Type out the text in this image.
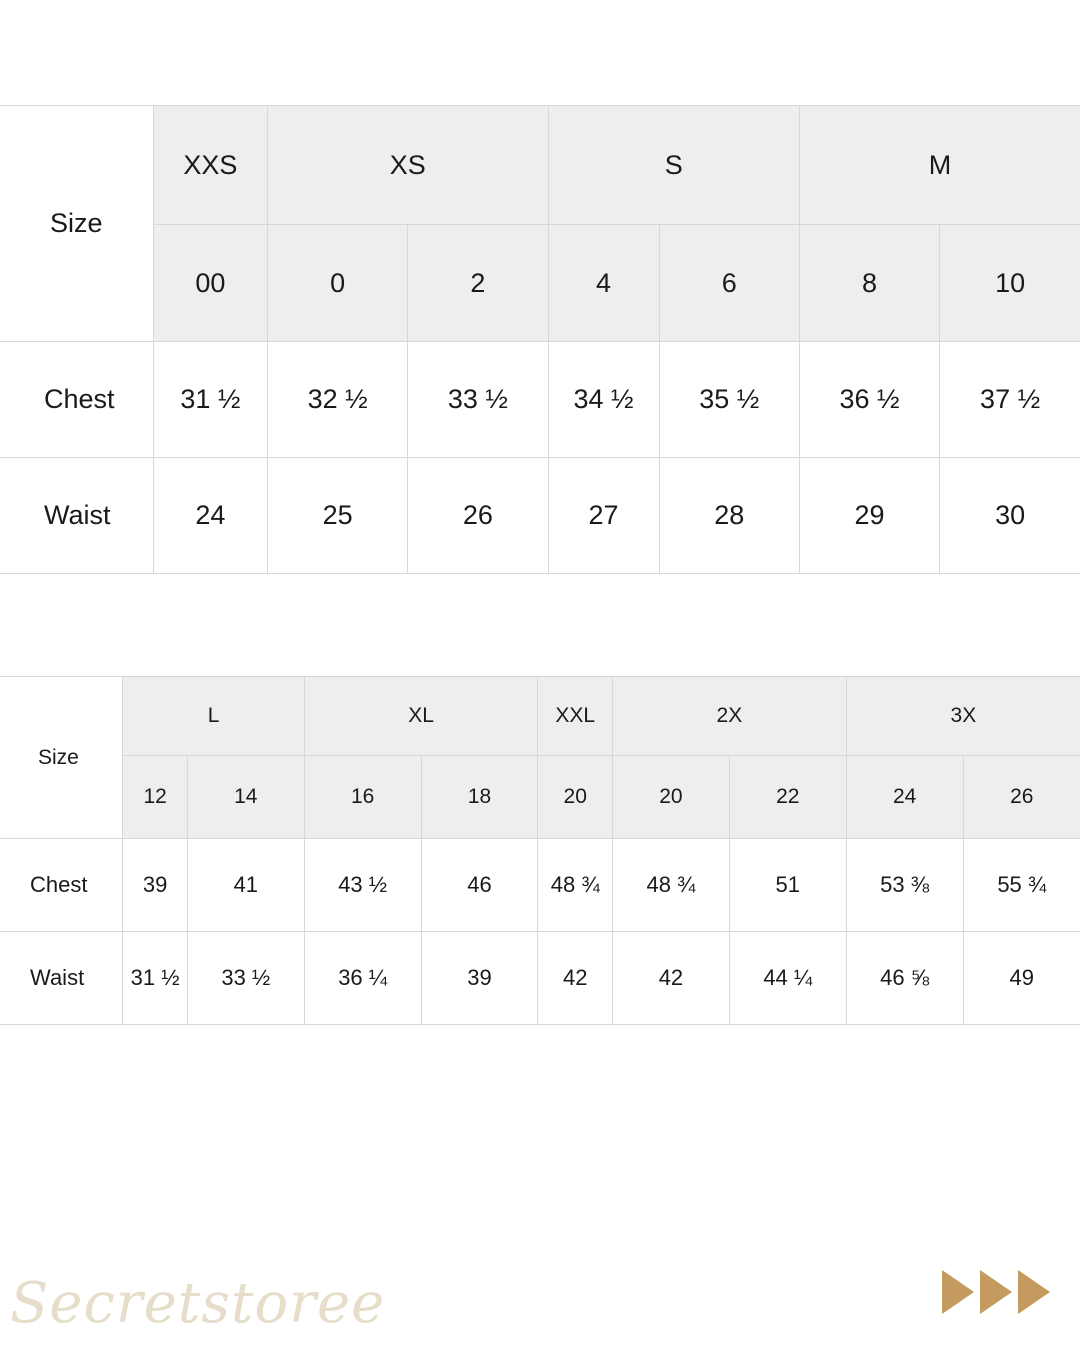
Size	XXS	XS		S		M	
	00	0	2	4	6	8	10
Chest	31 ½	32 ½	33 ½	34 ½	35 ½	36 ½	37 ½
Waist	24	25	26	27	28	29	30
Size	L		XL		XXL	2X		3X	
	12	14	16	18	20	20	22	24	26
Chest	39	41	43 ½	46	48 ¾	48 ¾	51	53 ⅜	55 ¾
Waist	31 ½	33 ½	36 ¼	39	42	42	44 ¼	46 ⅝	49
Secretstoree
